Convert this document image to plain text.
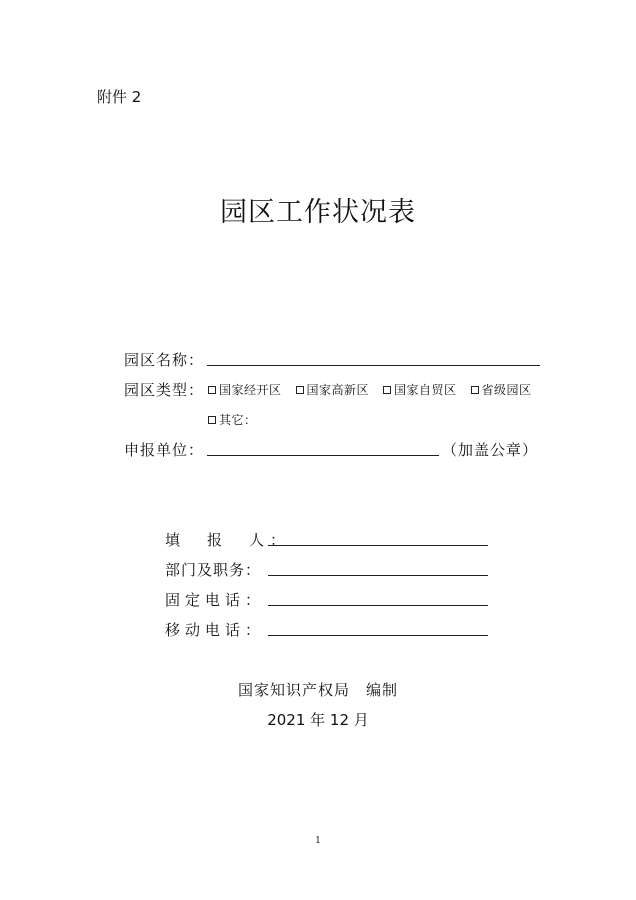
附件 2
园区工作状况表
园区名称：
园区类型： 国家经开区 国家高新区 国家自贸区 省级园区
其它：
申报单位：	（加盖公章）
填　报　人：
部门及职务：
固定电话：
移动电话：
国家知识产权局　编制
2021 年 12 月
1
